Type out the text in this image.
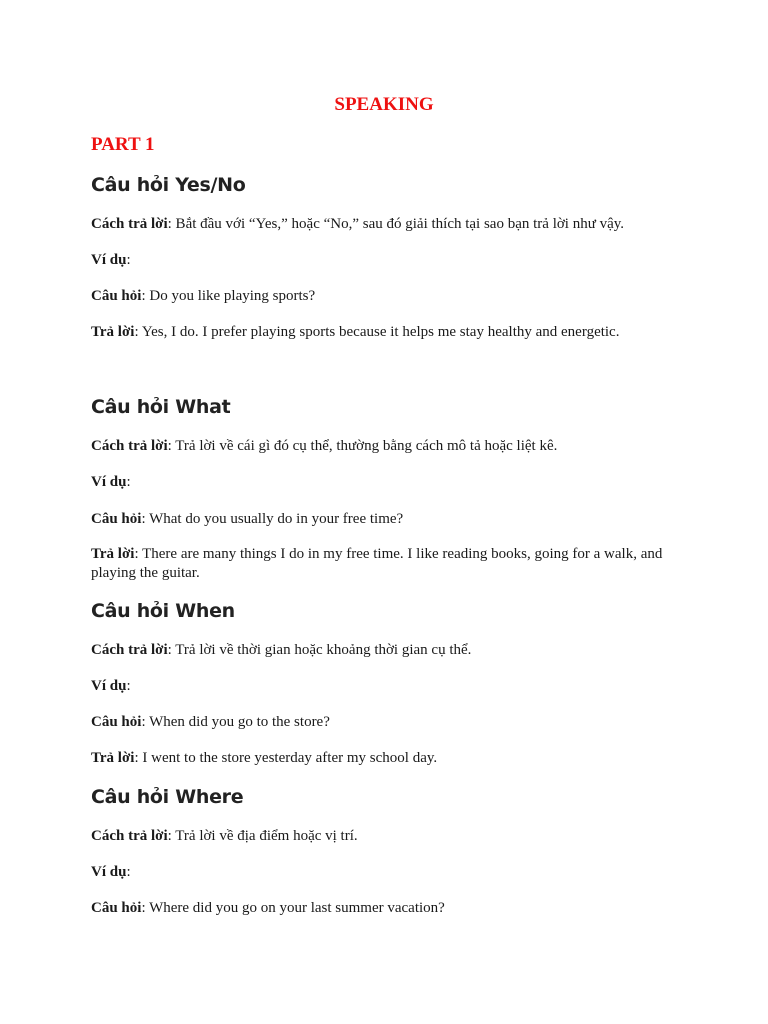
SPEAKING
PART 1
Câu hỏi Yes/No
Cách trả lời: Bắt đầu với “Yes,” hoặc “No,” sau đó giải thích tại sao bạn trả lời như vậy.
Ví dụ:
Câu hỏi: Do you like playing sports?
Trả lời: Yes, I do. I prefer playing sports because it helps me stay healthy and energetic.
Câu hỏi What
Cách trả lời: Trả lời về cái gì đó cụ thể, thường bằng cách mô tả hoặc liệt kê.
Ví dụ:
Câu hỏi: What do you usually do in your free time?
Trả lời: There are many things I do in my free time. I like reading books, going for a walk, and playing the guitar.
Câu hỏi When
Cách trả lời: Trả lời về thời gian hoặc khoảng thời gian cụ thể.
Ví dụ:
Câu hỏi: When did you go to the store?
Trả lời: I went to the store yesterday after my school day.
Câu hỏi Where
Cách trả lời: Trả lời về địa điểm hoặc vị trí.
Ví dụ:
Câu hỏi: Where did you go on your last summer vacation?
